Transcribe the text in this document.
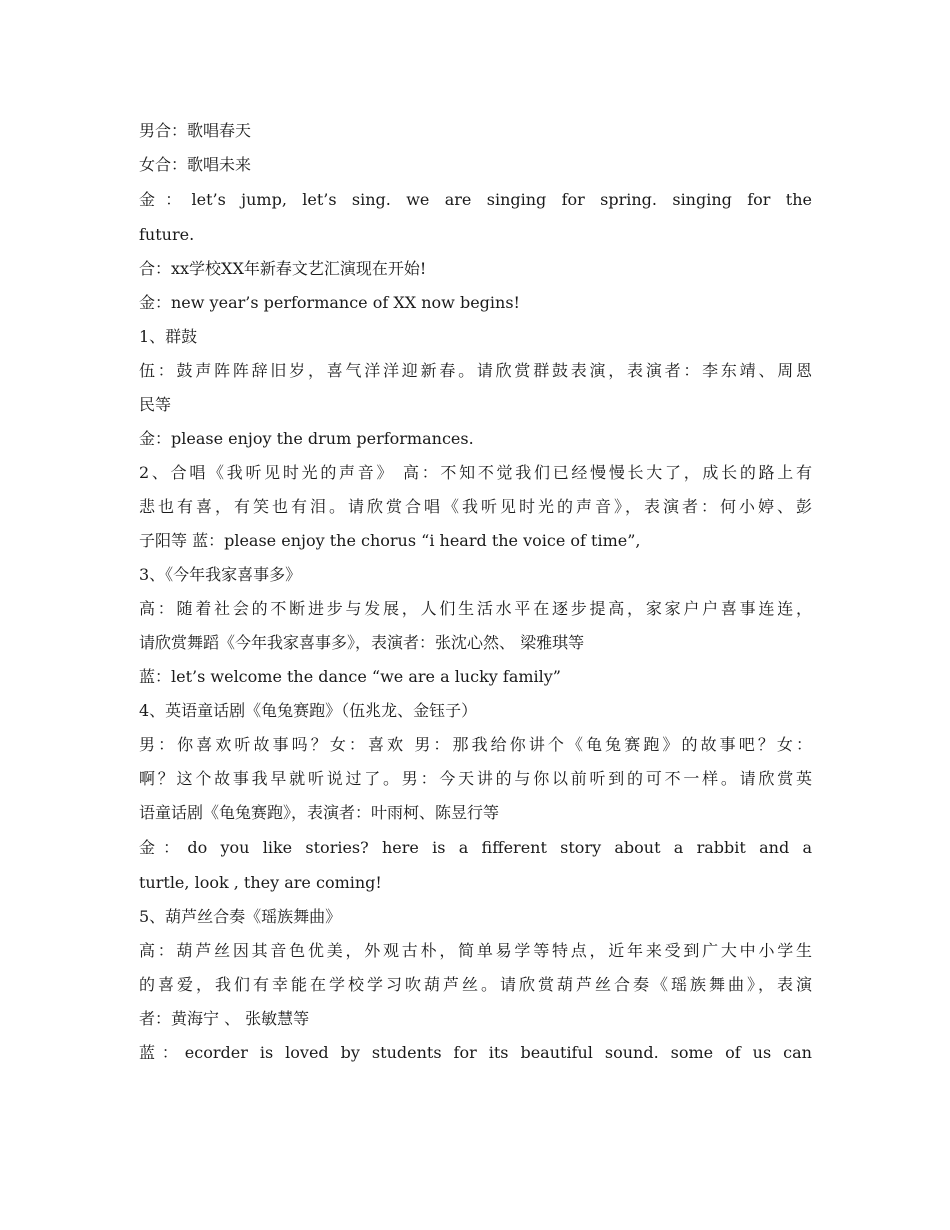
男合：歌唱春天
女合：歌唱未来
金：let’s jump, let’s sing. we are singing for spring. singing for the
future.
合：xx学校XX年新春文艺汇演现在开始!
金：new year’s performance of XX now begins!
1、群鼓
伍：鼓声阵阵辞旧岁，喜气洋洋迎新春。请欣赏群鼓表演，表演者：李东靖、周恩
民等
金：please enjoy the drum performances.
2、合唱《我听见时光的声音》 高：不知不觉我们已经慢慢长大了，成长的路上有
悲也有喜，有笑也有泪。请欣赏合唱《我听见时光的声音》，表演者：何小婷、彭
子阳等 蓝：please enjoy the chorus “i heard the voice of time”,
3、《今年我家喜事多》
高：随着社会的不断进步与发展，人们生活水平在逐步提高，家家户户喜事连连，
请欣赏舞蹈《今年我家喜事多》，表演者：张沈心然、 梁雅琪等
蓝：let’s welcome the dance “we are a lucky family”
4、英语童话剧《龟兔赛跑》（伍兆龙、金钰子）
男：你喜欢听故事吗？女：喜欢 男：那我给你讲个《龟兔赛跑》的故事吧？女：
啊？这个故事我早就听说过了。男：今天讲的与你以前听到的可不一样。请欣赏英
语童话剧《龟兔赛跑》，表演者：叶雨柯、陈昱行等
金：do you like stories? here is a fifferent story about a rabbit and a
turtle, look , they are coming!
5、葫芦丝合奏《瑶族舞曲》
高：葫芦丝因其音色优美，外观古朴，简单易学等特点，近年来受到广大中小学生
的喜爱，我们有幸能在学校学习吹葫芦丝。请欣赏葫芦丝合奏《瑶族舞曲》，表演
者：黄海宁 、 张敏慧等
蓝：ecorder is loved by students for its beautiful sound. some of us can
